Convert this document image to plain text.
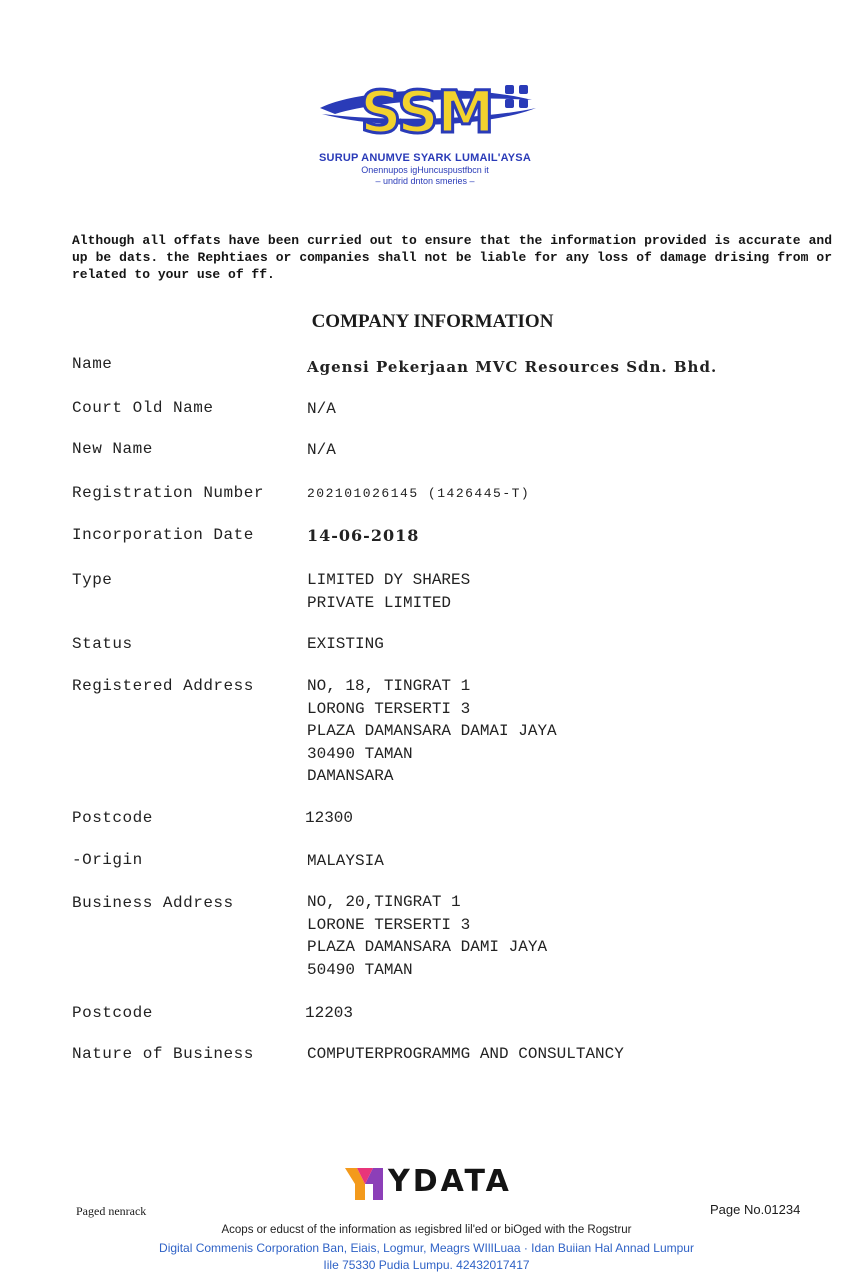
SSM
SURUP ANUMVE SYARK LUMAIL'AYSA
Onennupos igHuncuspustfbcn it
– undrid dnton smeries –
Although all offats have been curried out to ensure that the information provided is accurate and up be dats. the Rephtiaes or companies shall not be liable for any loss of damage drising from or related to your use of ff.
COMPANY INFORMATION
Name	Agensi Pekerjaan MVC Resources Sdn. Bhd.
Court Old Name	N/A
New Name	N/A
Registration Number	202101026145 (1426445-T)
Incorporation Date	14-06-2018
Type	LIMITED DY SHARES
PRIVATE LIMITED
Status	EXISTING
Registered Address	NO, 18, TINGRAT 1
LORONG TERSERTI 3
PLAZA DAMANSARA DAMAI JAYA
30490 TAMAN
DAMANSARA
Postcode	12300
-Origin	MALAYSIA
Business Address	NO, 20,TINGRAT 1
LORONE TERSERTI 3
PLAZA DAMANSARA DAMI JAYA
50490 TAMAN
Postcode	12203
Nature of Business	COMPUTERPROGRAMMG AND CONSULTANCY
YDATA
Paged nenrack	Page No.01234
Acops or educst of the information as ıegisbred lil'ed or biOged with the Rogstrur
Digital Commenis Corporation Ban, Eiais, Logmur, Meagrs WIlILuaa · Idan Buiian Hal Annad Lumpur
Iile 75330 Pudia Lumpu. 42432017417
